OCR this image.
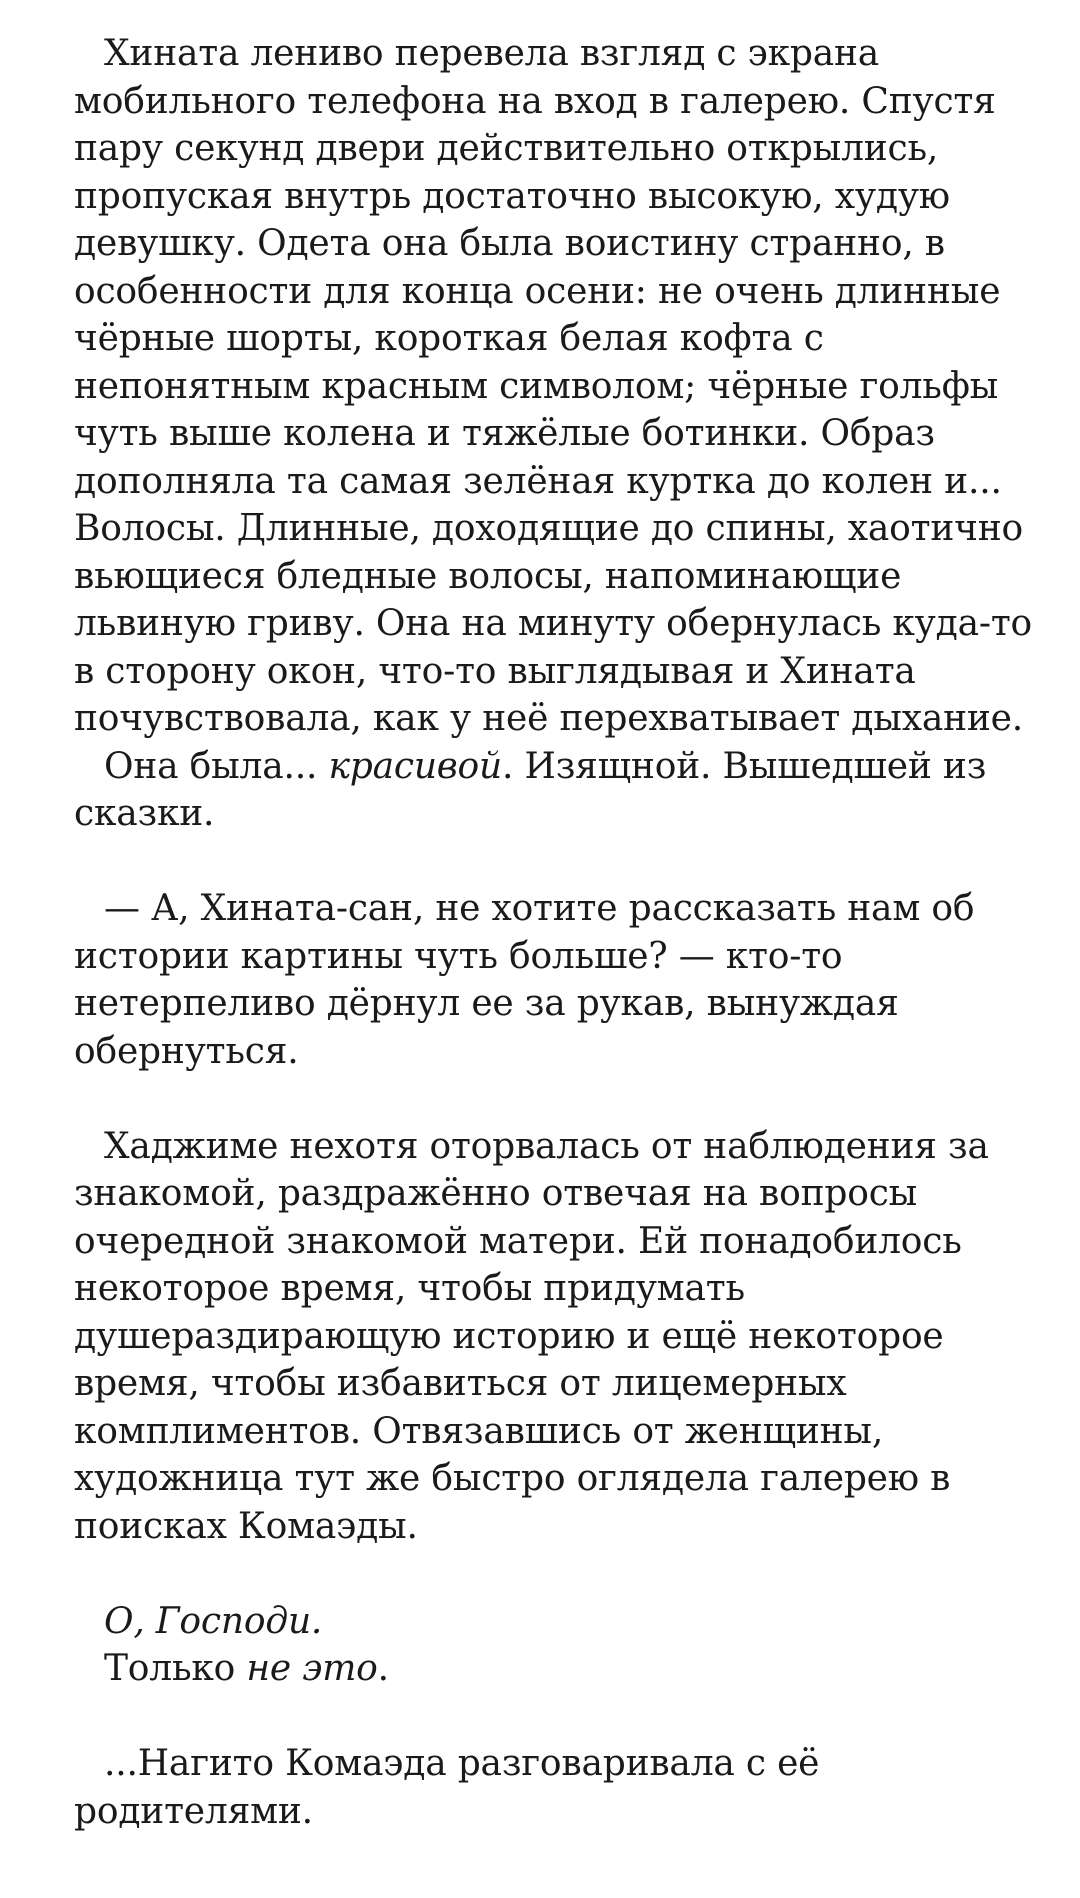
Хината лениво перевела взгляд с экрана мобильного телефона на вход в галерею. Спустя пару секунд двери действительно открылись, пропуская внутрь достаточно высокую, худую девушку. Одета она была воистину странно, в особенности для конца осени: не очень длинные чёрные шорты, короткая белая кофта с непонятным красным символом; чёрные гольфы чуть выше колена и тяжёлые ботинки. Образ дополняла та самая зелёная куртка до колен и... Волосы. Длинные, доходящие до спины, хаотично вьющиеся бледные волосы, напоминающие львиную гриву. Она на минуту обернулась куда-то в сторону окон, что-то выглядывая и Хината почувствовала, как у неё перехватывает дыхание.

Она была... красивой. Изящной. Вышедшей из сказки.

— А, Хината-сан, не хотите рассказать нам об истории картины чуть больше? — кто-то нетерпеливо дёрнул ее за рукав, вынуждая обернуться.

Хаджиме нехотя оторвалась от наблюдения за знакомой, раздражённо отвечая на вопросы очередной знакомой матери. Ей понадобилось некоторое время, чтобы придумать душераздирающую историю и ещё некоторое время, чтобы избавиться от лицемерных комплиментов. Отвязавшись от женщины, художница тут же быстро оглядела галерею в поисках Комаэды.

О, Господи.
Только не это.

...Нагито Комаэда разговаривала с её родителями.
